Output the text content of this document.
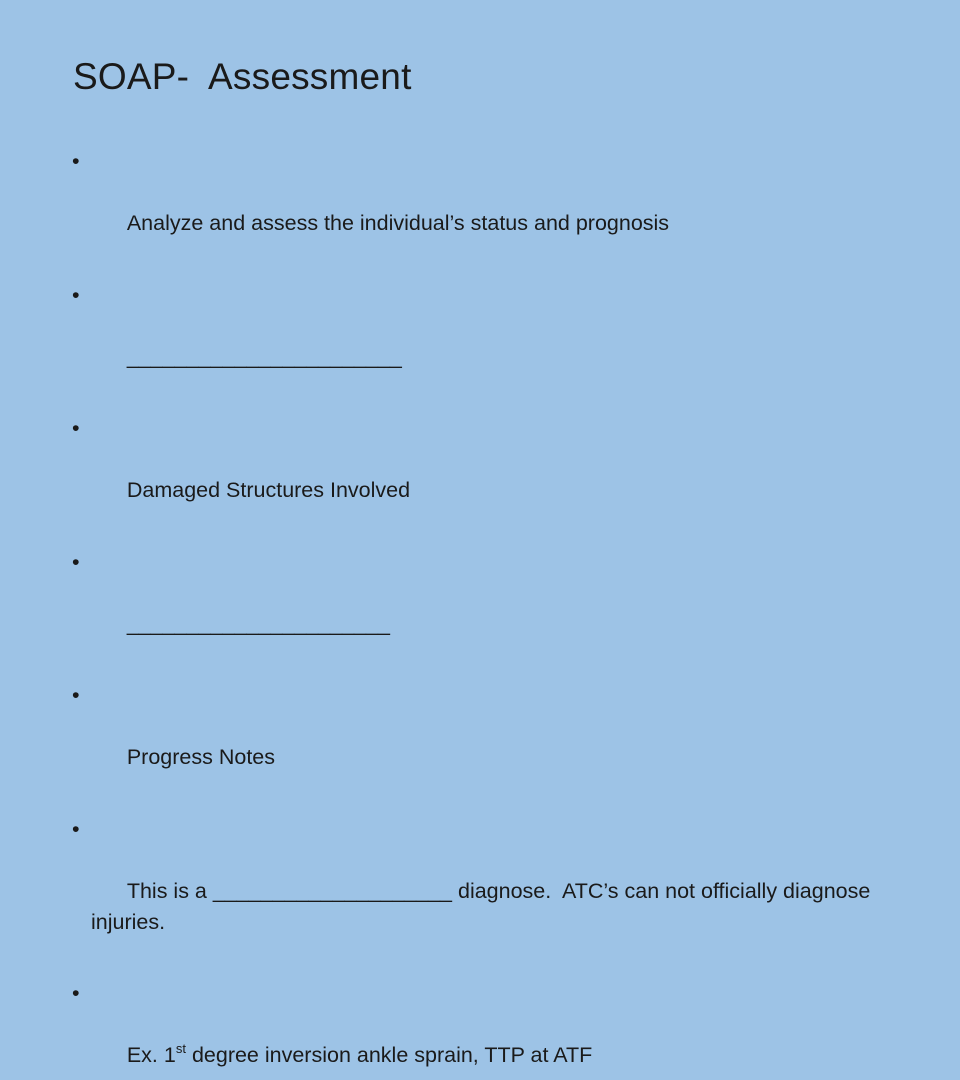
SOAP-  Assessment

•

Analyze and assess the individual’s status and prognosis

•

_______________________

•

Damaged Structures Involved

•

______________________

•

Progress Notes

•

This is a ____________________ diagnose.  ATC’s can not officially diagnose injuries.

•

Ex. 1st degree inversion ankle sprain, TTP at ATF
